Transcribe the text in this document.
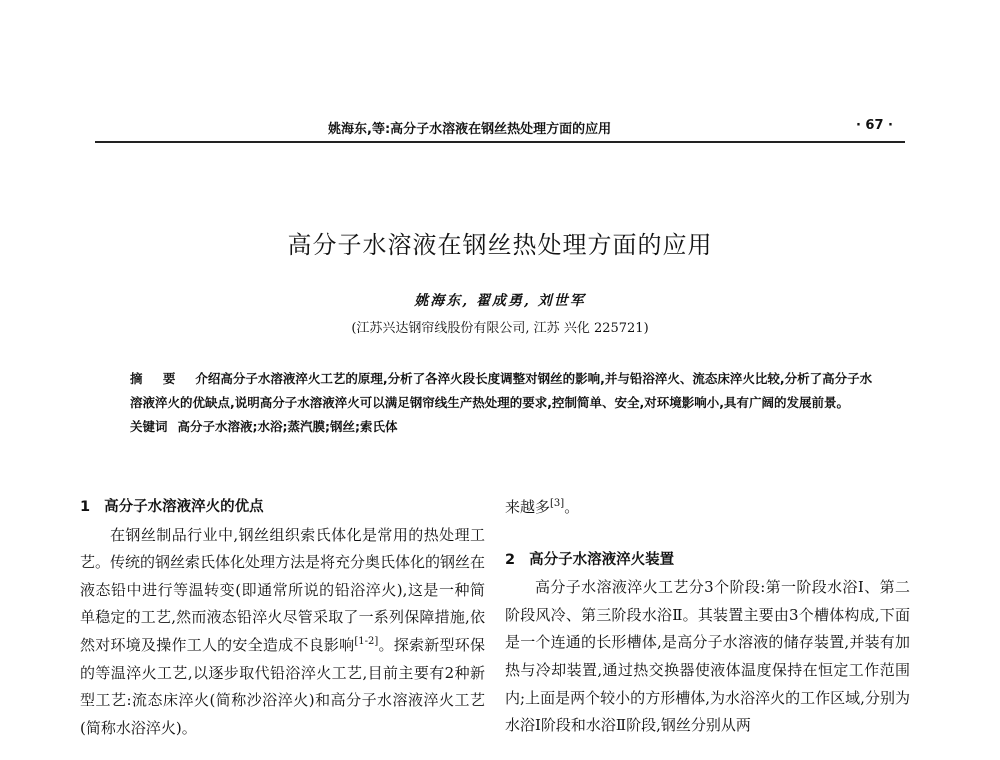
姚海东,等:高分子水溶液在钢丝热处理方面的应用	· 67 ·
高分子水溶液在钢丝热处理方面的应用
姚海东, 翟成勇, 刘世军
(江苏兴达钢帘线股份有限公司, 江苏 兴化 225721)

摘 要 介绍高分子水溶液淬火工艺的原理,分析了各淬火段长度调整对钢丝的影响,并与铅浴淬火、流态床淬火比较,分析了高分子水溶液淬火的优缺点,说明高分子水溶液淬火可以满足钢帘线生产热处理的要求,控制简单、安全,对环境影响小,具有广阔的发展前景。

关键词 高分子水溶液;水浴;蒸汽膜;钢丝;索氏体

1 高分子水溶液淬火的优点

在钢丝制品行业中,钢丝组织索氏体化是常用的热处理工艺。传统的钢丝索氏体化处理方法是将充分奥氏体化的钢丝在液态铅中进行等温转变(即通常所说的铅浴淬火),这是一种简单稳定的工艺,然而液态铅淬火尽管采取了一系列保障措施,依然对环境及操作工人的安全造成不良影响[1-2]。探索新型环保的等温淬火工艺,以逐步取代铅浴淬火工艺,目前主要有2种新型工艺:流态床淬火(简称沙浴淬火)和高分子水溶液淬火工艺(简称水浴淬火)。

来越多[3]。

2 高分子水溶液淬火装置

高分子水溶液淬火工艺分3个阶段:第一阶段水浴Ⅰ、第二阶段风冷、第三阶段水浴Ⅱ。其装置主要由3个槽体构成,下面是一个连通的长形槽体,是高分子水溶液的储存装置,并装有加热与冷却装置,通过热交换器使液体温度保持在恒定工作范围内;上面是两个较小的方形槽体,为水浴淬火的工作区域,分别为水浴Ⅰ阶段和水浴Ⅱ阶段,钢丝分别从两
